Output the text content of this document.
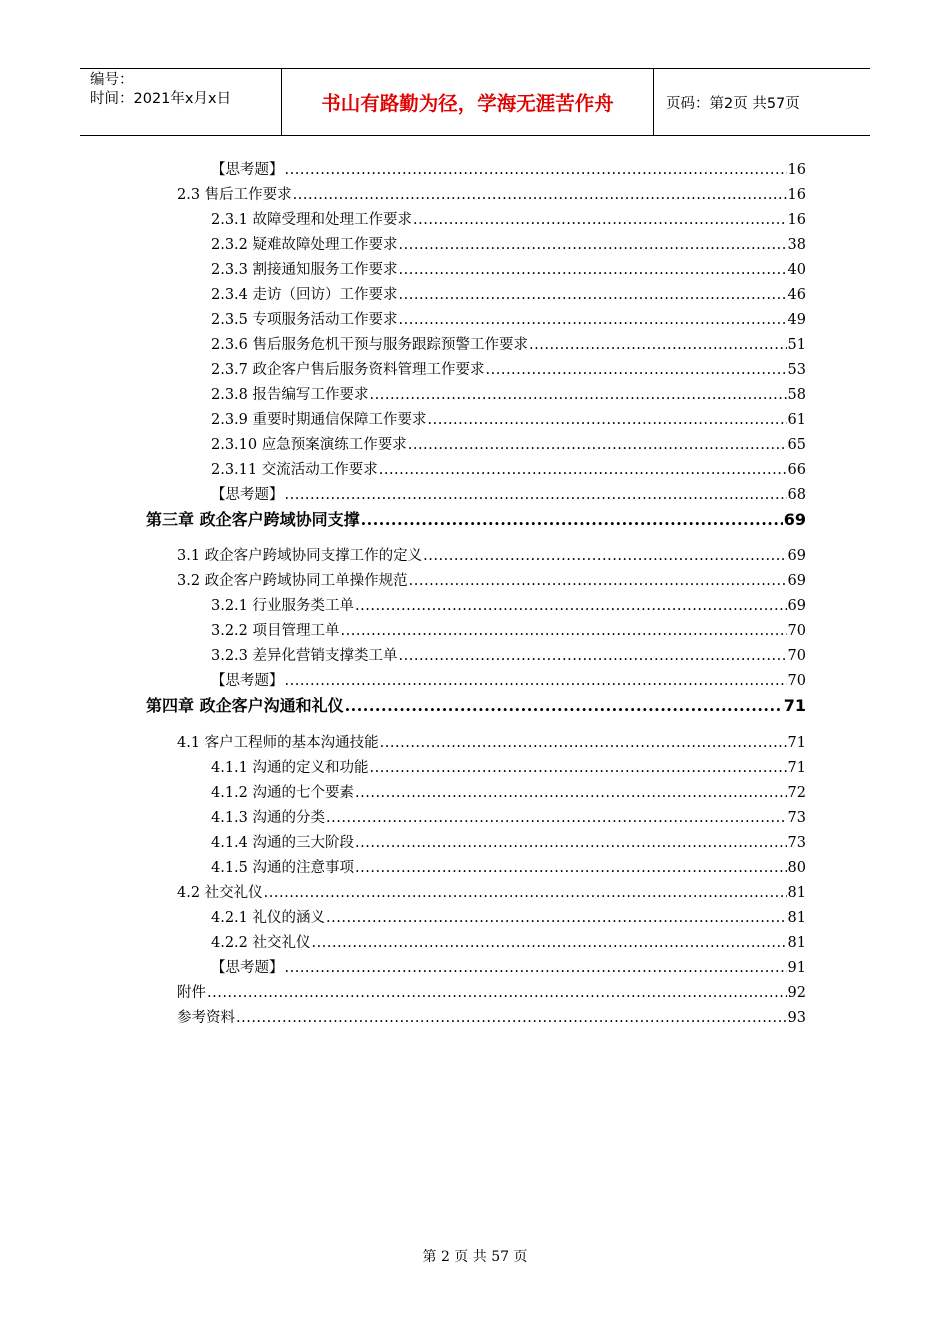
编号：
时间：2021年x月x日	书山有路勤为径，学海无涯苦作舟	页码：第2页 共57页
【思考题】 .....	16
2.3 售后工作要求 .....	16
2.3.1 故障受理和处理工作要求 .....	16
2.3.2 疑难故障处理工作要求 .....	38
2.3.3 割接通知服务工作要求 .....	40
2.3.4 走访（回访）工作要求 .....	46
2.3.5 专项服务活动工作要求 .....	49
2.3.6 售后服务危机干预与服务跟踪预警工作要求 .....	51
2.3.7 政企客户售后服务资料管理工作要求 .....	53
2.3.8 报告编写工作要求 .....	58
2.3.9 重要时期通信保障工作要求 .....	61
2.3.10 应急预案演练工作要求 .....	65
2.3.11 交流活动工作要求 .....	66
【思考题】 .....	68
第三章 政企客户跨域协同支撑 .....	69
3.1 政企客户跨域协同支撑工作的定义 .....	69
3.2 政企客户跨域协同工单操作规范 .....	69
3.2.1 行业服务类工单 .....	69
3.2.2 项目管理工单 .....	70
3.2.3 差异化营销支撑类工单 .....	70
【思考题】 .....	70
第四章 政企客户沟通和礼仪 .....	71
4.1 客户工程师的基本沟通技能 .....	71
4.1.1 沟通的定义和功能 .....	71
4.1.2 沟通的七个要素 .....	72
4.1.3 沟通的分类 .....	73
4.1.4 沟通的三大阶段 .....	73
4.1.5 沟通的注意事项 .....	80
4.2 社交礼仪 .....	81
4.2.1 礼仪的涵义 .....	81
4.2.2 社交礼仪 .....	81
【思考题】 .....	91
附件 .....	92
参考资料 .....	93
第 2 页 共 57 页
